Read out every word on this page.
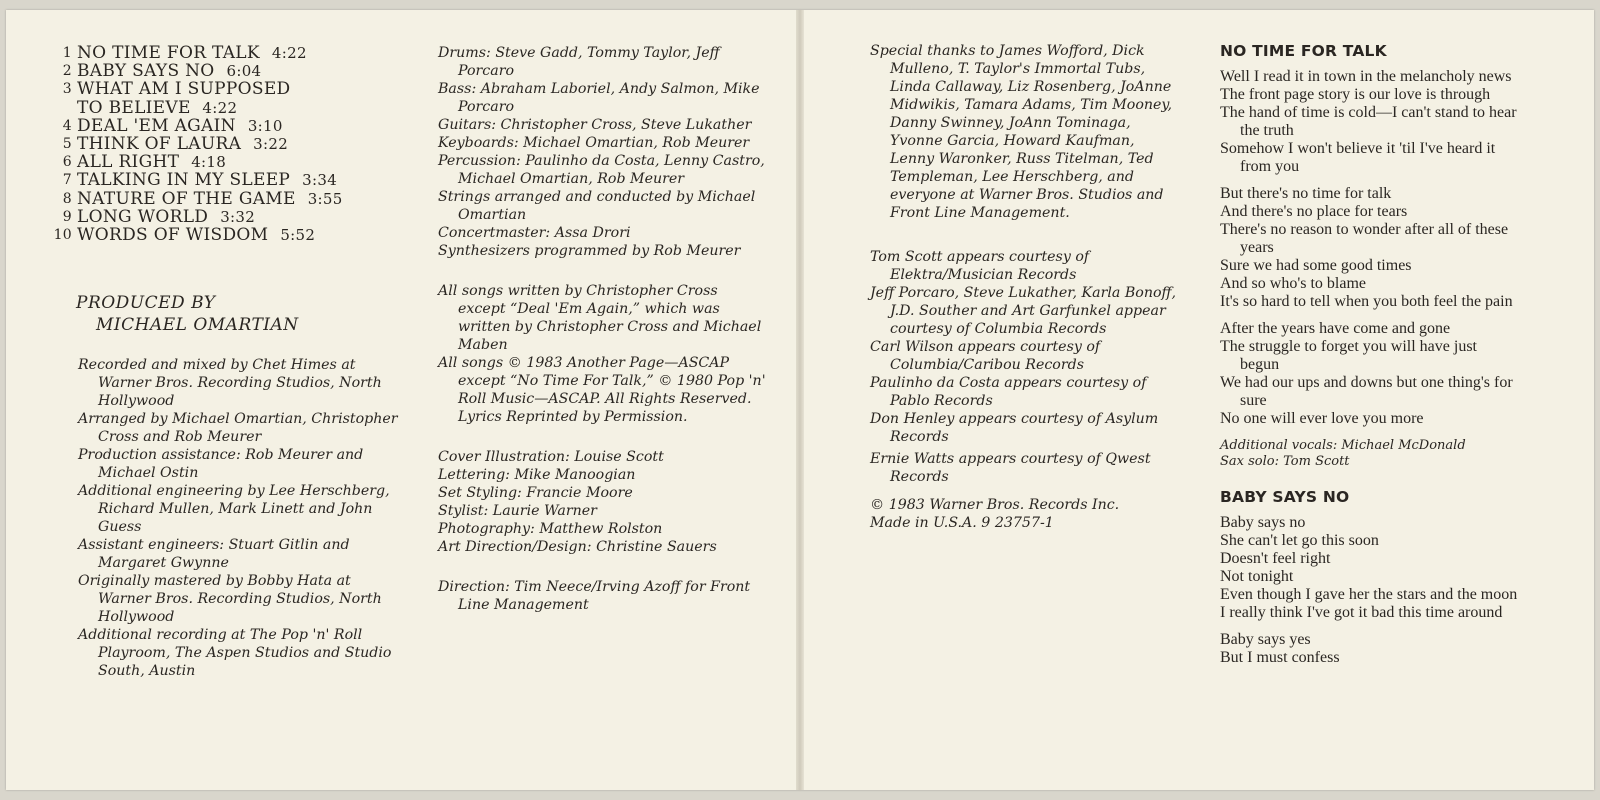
1 NO TIME FOR TALK 4:22
2 BABY SAYS NO 6:04
3 WHAT AM I SUPPOSED TO BELIEVE 4:22
4 DEAL 'EM AGAIN 3:10
5 THINK OF LAURA 3:22
6 ALL RIGHT 4:18
7 TALKING IN MY SLEEP 3:34
8 NATURE OF THE GAME 3:55
9 LONG WORLD 3:32
10 WORDS OF WISDOM 5:52
PRODUCED BY
MICHAEL OMARTIAN

Recorded and mixed by Chet Himes at Warner Bros. Recording Studios, North Hollywood

Arranged by Michael Omartian, Christopher Cross and Rob Meurer

Production assistance: Rob Meurer and Michael Ostin

Additional engineering by Lee Herschberg, Richard Mullen, Mark Linett and John Guess

Assistant engineers: Stuart Gitlin and Margaret Gwynne

Originally mastered by Bobby Hata at Warner Bros. Recording Studios, North Hollywood

Additional recording at The Pop 'n' Roll Playroom, The Aspen Studios and Studio South, Austin

Drums: Steve Gadd, Tommy Taylor, Jeff Porcaro

Bass: Abraham Laboriel, Andy Salmon, Mike Porcaro

Guitars: Christopher Cross, Steve Lukather

Keyboards: Michael Omartian, Rob Meurer

Percussion: Paulinho da Costa, Lenny Castro, Michael Omartian, Rob Meurer

Strings arranged and conducted by Michael Omartian

Concertmaster: Assa Drori

Synthesizers programmed by Rob Meurer

All songs written by Christopher Cross except “Deal 'Em Again,” which was written by Christopher Cross and Michael Maben

All songs © 1983 Another Page—ASCAP except “No Time For Talk,” © 1980 Pop 'n' Roll Music—ASCAP. All Rights Reserved. Lyrics Reprinted by Permission.

Cover Illustration: Louise Scott

Lettering: Mike Manoogian

Set Styling: Francie Moore

Stylist: Laurie Warner

Photography: Matthew Rolston

Art Direction/Design: Christine Sauers

Direction: Tim Neece/Irving Azoff for Front Line Management

Special thanks to James Wofford, Dick Mulleno, T. Taylor's Immortal Tubs, Linda Callaway, Liz Rosenberg, JoAnne Midwikis, Tamara Adams, Tim Mooney, Danny Swinney, JoAnn Tominaga, Yvonne Garcia, Howard Kaufman, Lenny Waronker, Russ Titelman, Ted Templeman, Lee Herschberg, and everyone at Warner Bros. Studios and Front Line Management.

Tom Scott appears courtesy of Elektra/Musician Records

Jeff Porcaro, Steve Lukather, Karla Bonoff, J.D. Souther and Art Garfunkel appear courtesy of Columbia Records

Carl Wilson appears courtesy of Columbia/Caribou Records

Paulinho da Costa appears courtesy of Pablo Records

Don Henley appears courtesy of Asylum Records

Ernie Watts appears courtesy of Qwest Records

© 1983 Warner Bros. Records Inc.
Made in U.S.A. 9 23757-1
NO TIME FOR TALK

Well I read it in town in the melancholy news

The front page story is our love is through

The hand of time is cold—I can't stand to hear the truth

Somehow I won't believe it 'til I've heard it from you

But there's no time for talk

And there's no place for tears

There's no reason to wonder after all of these years

Sure we had some good times

And so who's to blame

It's so hard to tell when you both feel the pain

After the years have come and gone

The struggle to forget you will have just begun

We had our ups and downs but one thing's for sure

No one will ever love you more

Additional vocals: Michael McDonald
Sax solo: Tom Scott
BABY SAYS NO

Baby says no

She can't let go this soon

Doesn't feel right

Not tonight

Even though I gave her the stars and the moon

I really think I've got it bad this time around

Baby says yes

But I must confess
